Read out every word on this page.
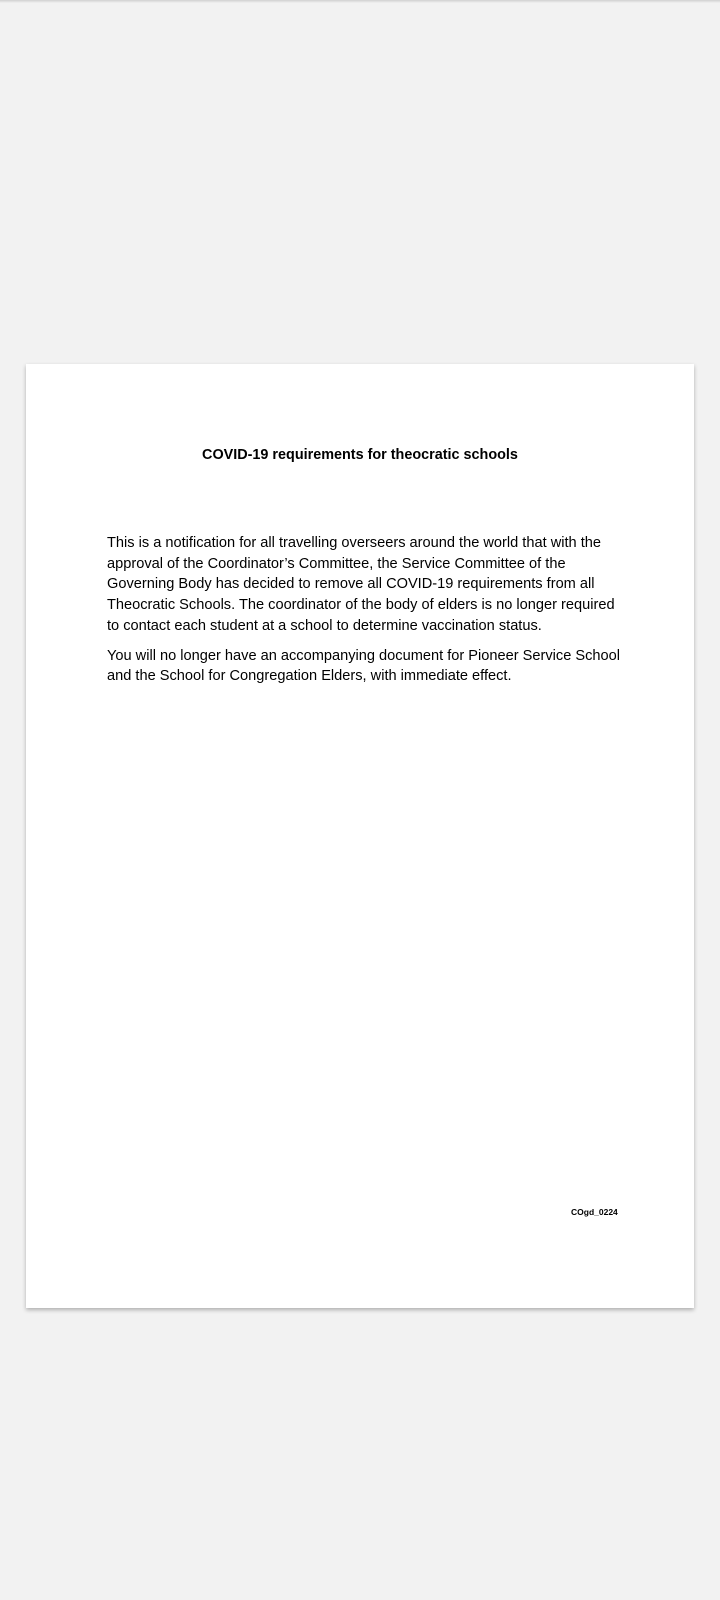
COVID-19 requirements for theocratic schools

This is a notification for all travelling overseers around the world that with the approval of the Coordinator’s Committee, the Service Committee of the Governing Body has decided to remove all COVID-19 requirements from all Theocratic Schools. The coordinator of the body of elders is no longer required to contact each student at a school to determine vaccination status.

You will no longer have an accompanying document for Pioneer Service School and the School for Congregation Elders, with immediate effect.

COgd_0224
